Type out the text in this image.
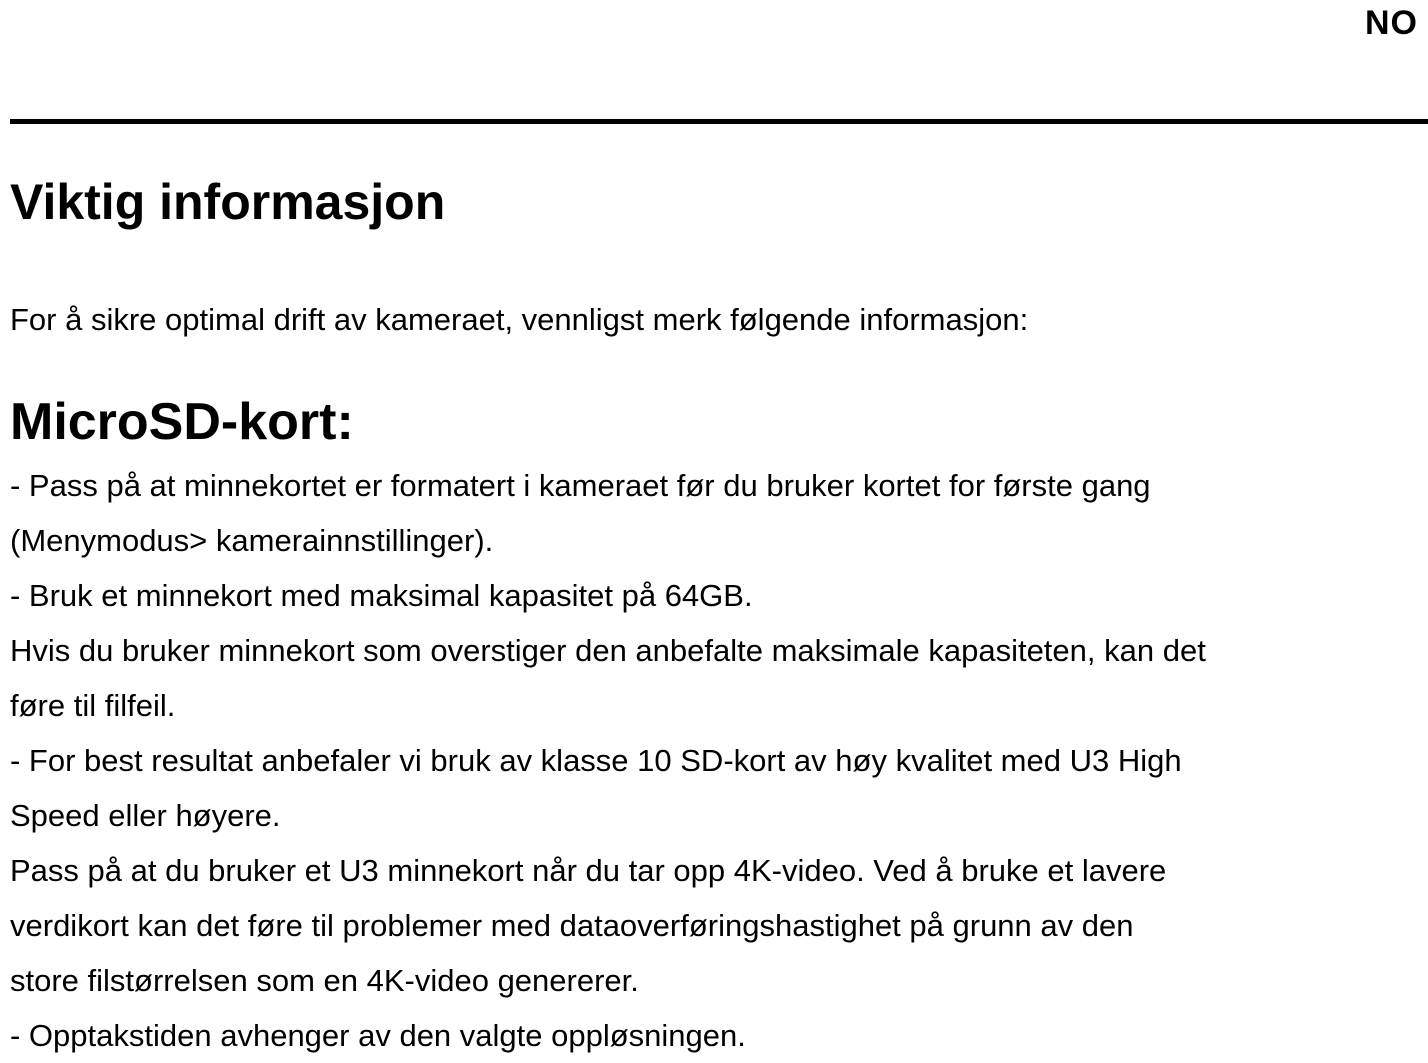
NO
Viktig informasjon

For å sikre optimal drift av kameraet, vennligst merk følgende informasjon:

MicroSD-kort:
- Pass på at minnekortet er formatert i kameraet før du bruker kortet for første gang
(Menymodus> kamerainnstillinger).
- Bruk et minnekort med maksimal kapasitet på 64GB.
Hvis du bruker minnekort som overstiger den anbefalte maksimale kapasiteten, kan det
føre til filfeil.
- For best resultat anbefaler vi bruk av klasse 10 SD-kort av høy kvalitet med U3 High
Speed eller høyere.
Pass på at du bruker et U3 minnekort når du tar opp 4K-video. Ved å bruke et lavere
verdikort kan det føre til problemer med dataoverføringshastighet på grunn av den
store filstørrelsen som en 4K-video genererer.
- Opptakstiden avhenger av den valgte oppløsningen.
